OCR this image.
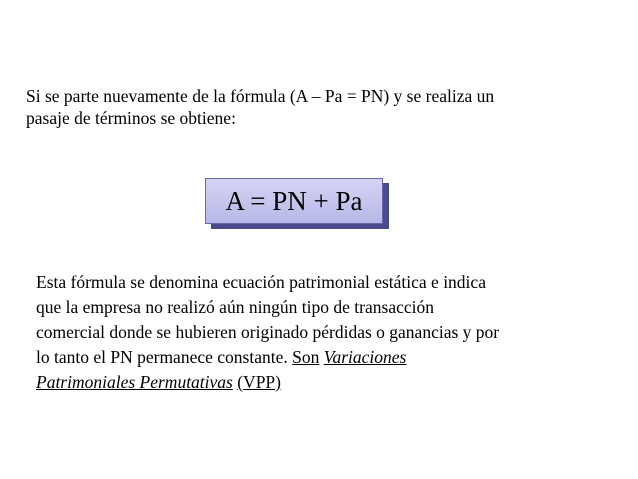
Si se parte nuevamente de la fórmula (A – Pa = PN) y se realiza un
pasaje de términos se obtiene:

A = PN + Pa

Esta fórmula se denomina ecuación patrimonial estática e indica
que la empresa no realizó aún ningún tipo de transacción
comercial donde se hubieren originado pérdidas o ganancias y por
lo tanto el PN permanece constante. Son Variaciones
Patrimoniales Permutativas (VPP)
